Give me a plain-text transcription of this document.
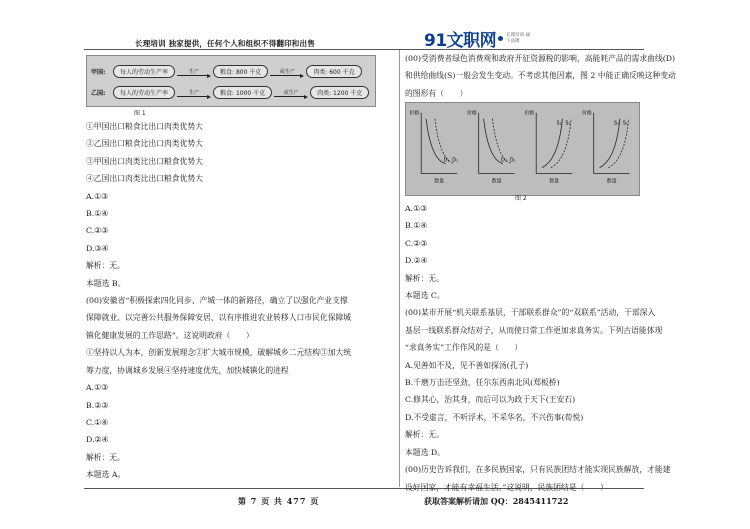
长理培训 独家提供，任何个人和组织不得翻印和出售	91文职网 长理培训 属下品牌
甲国:	每人的劳动生产率	生产	粮食: 800 千克	或生产	肉类: 600 千克
乙国:	每人的劳动生产率	生产	粮食: 1000 千克	或生产	肉类: 1200 千克
图 1
①甲国出口粮食比出口肉类优势大
②乙国出口粮食比出口肉类优势大
③甲国出口肉类比出口粮食优势大
④乙国出口肉类比出口粮食优势大
A.①③
B.①④
C.②③
D.③④
解析：无。
本题选 B。
(00)安徽省“积极探索四化同步、产城一体的新路径，确立了以强化产业支撑
保障就业、以完善公共服务保障安居、以有序推进农业转移人口市民化保障城
镇化健康发展的工作思路”。这说明政府（　　）
①坚持以人为本，创新发展理念②扩大城市规模，破解城乡二元结构③加大统
筹力度，协调城乡发展④坚持速度优先，加快城镇化的进程
A.①③
B.②③
C.①④
D.②④
解析：无。
本题选 A。
(00)受消费者绿色消费观和政府开征资源税的影响，高能耗产品的需求曲线(D)
和供给曲线(S)一般会发生变动。不考虑其他因素，图 2 中能正确反映这种变动
的图形有（　　）
价格
数量
D₁ D₂
价格
数量
D₂ D₁
价格
数量
S₁ S₂
价格
数量
S₂ S₁
图 2
A.①③
B.①④
C.②③
D.②④
解析：无。
本题选 C。
(00)某市开展“机关联系基层，干部联系群众”的“双联系”活动，干部深入
基层一线联系群众结对子，从而使日常工作更加求真务实。下列古语能体现
“求真务实”工作作风的是（　　）
A.见善如不及，见不善如探汤(孔子)
B.千磨万击还坚劲，任尔东西南北风(郑板桥)
C.修其心，治其身，而后可以为政于天下(王安石)
D.不受虚言，不听浮术，不采华名，不兴伤事(荀悦)
解析：无。
本题选 D。
(00)历史告诉我们，在多民族国家，只有民族团结才能实现民族解放，才能建
设好国家，才能有幸福生活。”这说明，民族团结是（　　）
第 7 页 共 477 页	获取答案解析请加 QQ：2845411722
